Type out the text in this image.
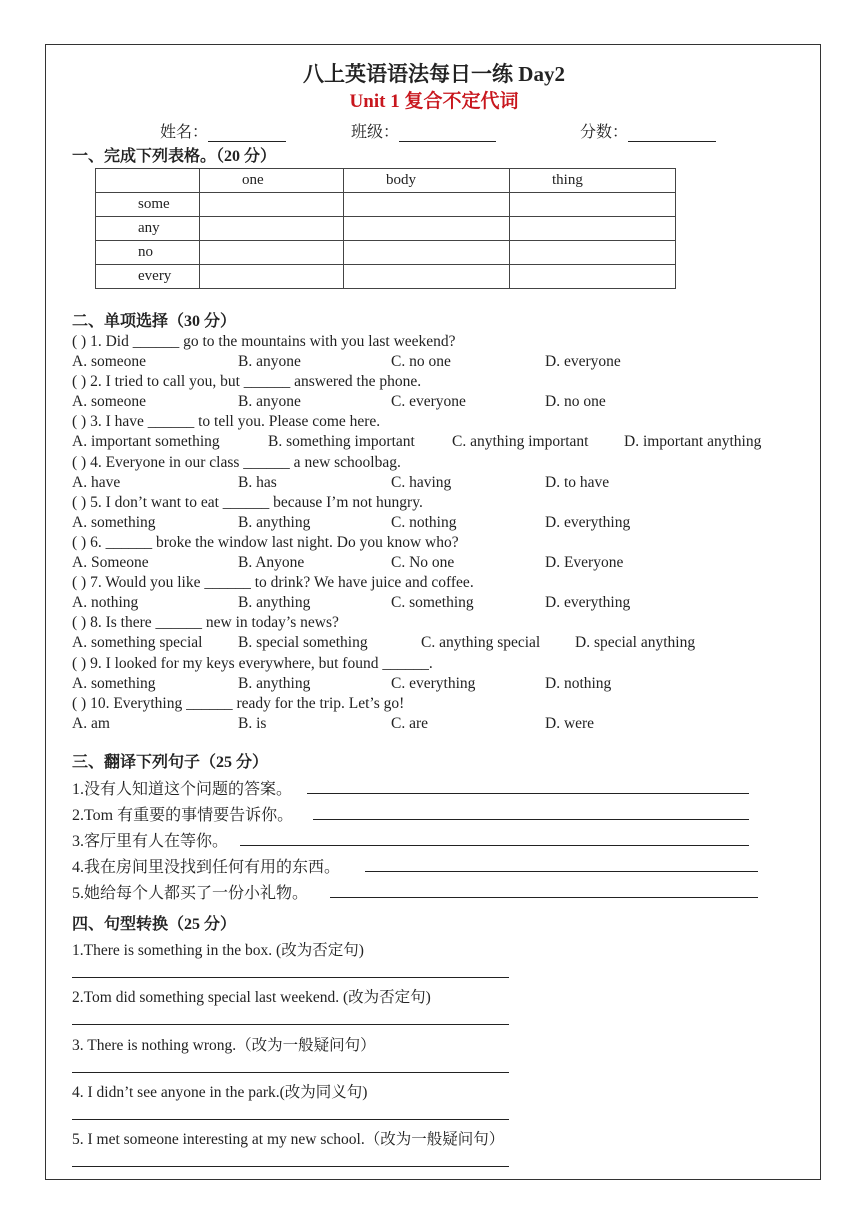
八上英语语法每日一练 Day2
Unit 1 复合不定代词
姓名：	班级：	分数：
一、完成下列表格。（20 分）
	one	body	thing
some			
any			
no			
every			
二、单项选择（30 分）
( ) 1. Did ______ go to the mountains with you last weekend?
A. someone	B. anyone	C. no one	D. everyone
( ) 2. I tried to call you, but ______ answered the phone.
A. someone	B. anyone	C. everyone	D. no one
( ) 3. I have ______ to tell you. Please come here.
A. important something	B. something important C. anything important D. important anything
( ) 4. Everyone in our class ______ a new schoolbag.
A. have	B. has	C. having	D. to have
( ) 5. I don’t want to eat ______ because I’m not hungry.
A. something	B. anything	C. nothing	D. everything
( ) 6. ______ broke the window last night. Do you know who?
A. Someone	B. Anyone	C. No one	D. Everyone
( ) 7. Would you like ______ to drink? We have juice and coffee.
A. nothing	B. anything	C. something	D. everything
( ) 8. Is there ______ new in today’s news?
A. something special B. special something	C. anything special D. special anything
( ) 9. I looked for my keys everywhere, but found ______.
A. something	B. anything	C. everything	D. nothing
( ) 10. Everything ______ ready for the trip. Let’s go!
A. am	B. is	C. are	D. were
三、翻译下列句子（25 分）
1.没有人知道这个问题的答案。
2.Tom 有重要的事情要告诉你。
3.客厅里有人在等你。
4.我在房间里没找到任何有用的东西。
5.她给每个人都买了一份小礼物。
四、句型转换（25 分）
1.There is something in the box. (改为否定句)
2.Tom did something special last weekend. (改为否定句)
3. There is nothing wrong.（改为一般疑问句）
4. I didn’t see anyone in the park.(改为同义句)
5. I met someone interesting at my new school.（改为一般疑问句）
